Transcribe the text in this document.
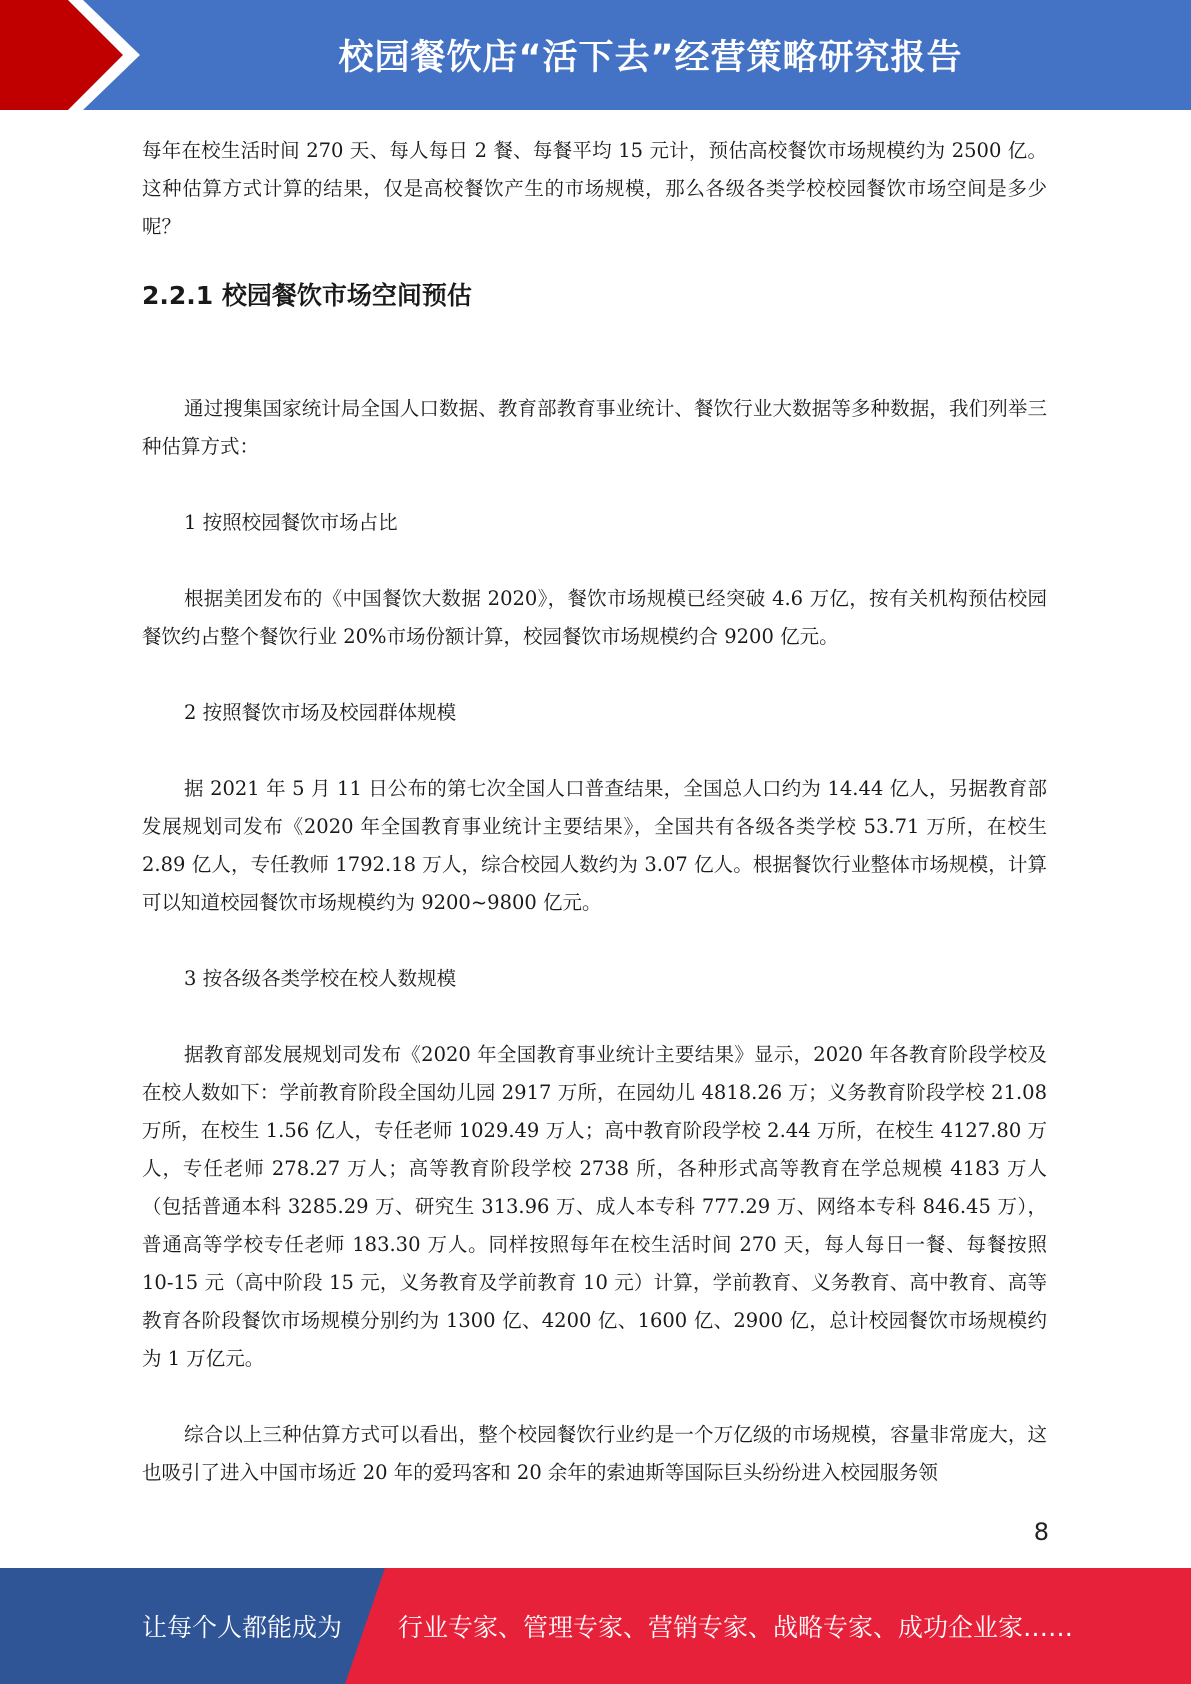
校园餐饮店“活下去”经营策略研究报告

每年在校生活时间 270 天、每人每日 2 餐、每餐平均 15 元计，预估高校餐饮市场规模约为 2500 亿。这种估算方式计算的结果，仅是高校餐饮产生的市场规模，那么各级各类学校校园餐饮市场空间是多少呢？

2.2.1 校园餐饮市场空间预估

通过搜集国家统计局全国人口数据、教育部教育事业统计、餐饮行业大数据等多种数据，我们列举三种估算方式：

1 按照校园餐饮市场占比

根据美团发布的《中国餐饮大数据 2020》，餐饮市场规模已经突破 4.6 万亿，按有关机构预估校园餐饮约占整个餐饮行业 20%市场份额计算，校园餐饮市场规模约合 9200 亿元。

2 按照餐饮市场及校园群体规模

据 2021 年 5 月 11 日公布的第七次全国人口普查结果，全国总人口约为 14.44 亿人，另据教育部发展规划司发布《2020 年全国教育事业统计主要结果》，全国共有各级各类学校 53.71 万所，在校生 2.89 亿人，专任教师 1792.18 万人，综合校园人数约为 3.07 亿人。根据餐饮行业整体市场规模，计算可以知道校园餐饮市场规模约为 9200~9800 亿元。

3 按各级各类学校在校人数规模

据教育部发展规划司发布《2020 年全国教育事业统计主要结果》显示，2020 年各教育阶段学校及在校人数如下：学前教育阶段全国幼儿园 2917 万所，在园幼儿 4818.26 万；义务教育阶段学校 21.08 万所，在校生 1.56 亿人，专任老师 1029.49 万人；高中教育阶段学校 2.44 万所，在校生 4127.80 万人，专任老师 278.27 万人；高等教育阶段学校 2738 所，各种形式高等教育在学总规模 4183 万人（包括普通本科 3285.29 万、研究生 313.96 万、成人本专科 777.29 万、网络本专科 846.45 万），普通高等学校专任老师 183.30 万人。同样按照每年在校生活时间 270 天，每人每日一餐、每餐按照 10-15 元（高中阶段 15 元，义务教育及学前教育 10 元）计算，学前教育、义务教育、高中教育、高等教育各阶段餐饮市场规模分别约为 1300 亿、4200 亿、1600 亿、2900 亿，总计校园餐饮市场规模约为 1 万亿元。

综合以上三种估算方式可以看出，整个校园餐饮行业约是一个万亿级的市场规模，容量非常庞大，这也吸引了进入中国市场近 20 年的爱玛客和 20 余年的索迪斯等国际巨头纷纷进入校园服务领

8
让每个人都能成为 行业专家、管理专家、营销专家、战略专家、成功企业家……
